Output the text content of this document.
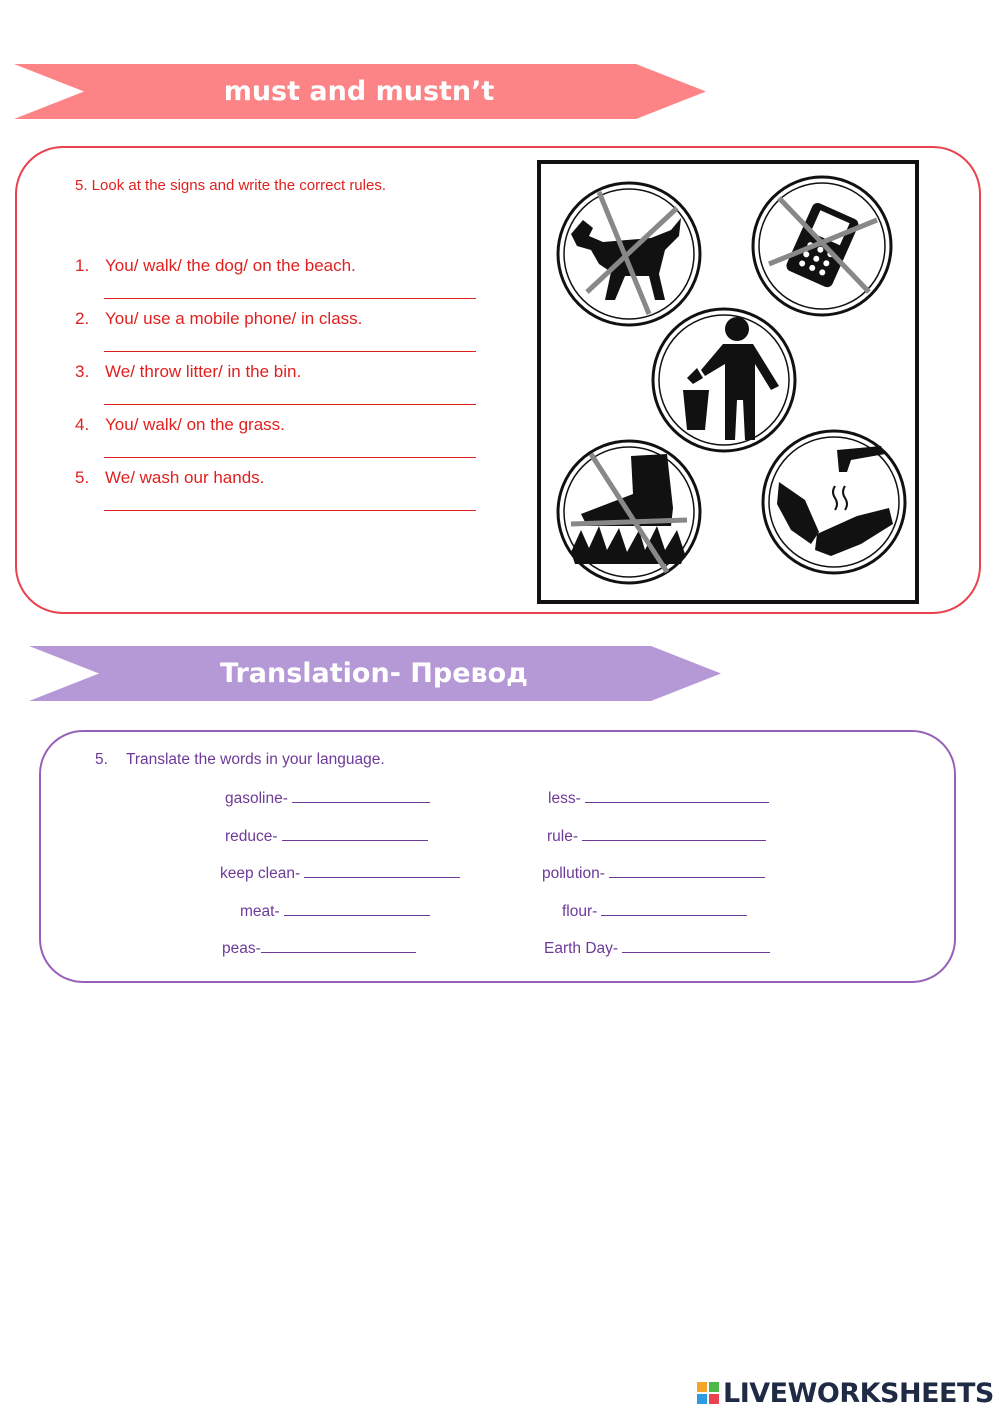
must and mustn’t
5. Look at the signs and write the correct rules.
1. You/ walk/ the dog/ on the beach.
2. You/ use a mobile phone/ in class.
3. We/ throw litter/ in the bin.
4. You/ walk/ on the grass.
5. We/ wash our hands.
Translation- Превод
5. Translate the words in your language.
gasoline-
reduce-
keep clean-
meat-
peas-
less-
rule-
pollution-
flour-
Earth Day-
LIVEWORKSHEETS
